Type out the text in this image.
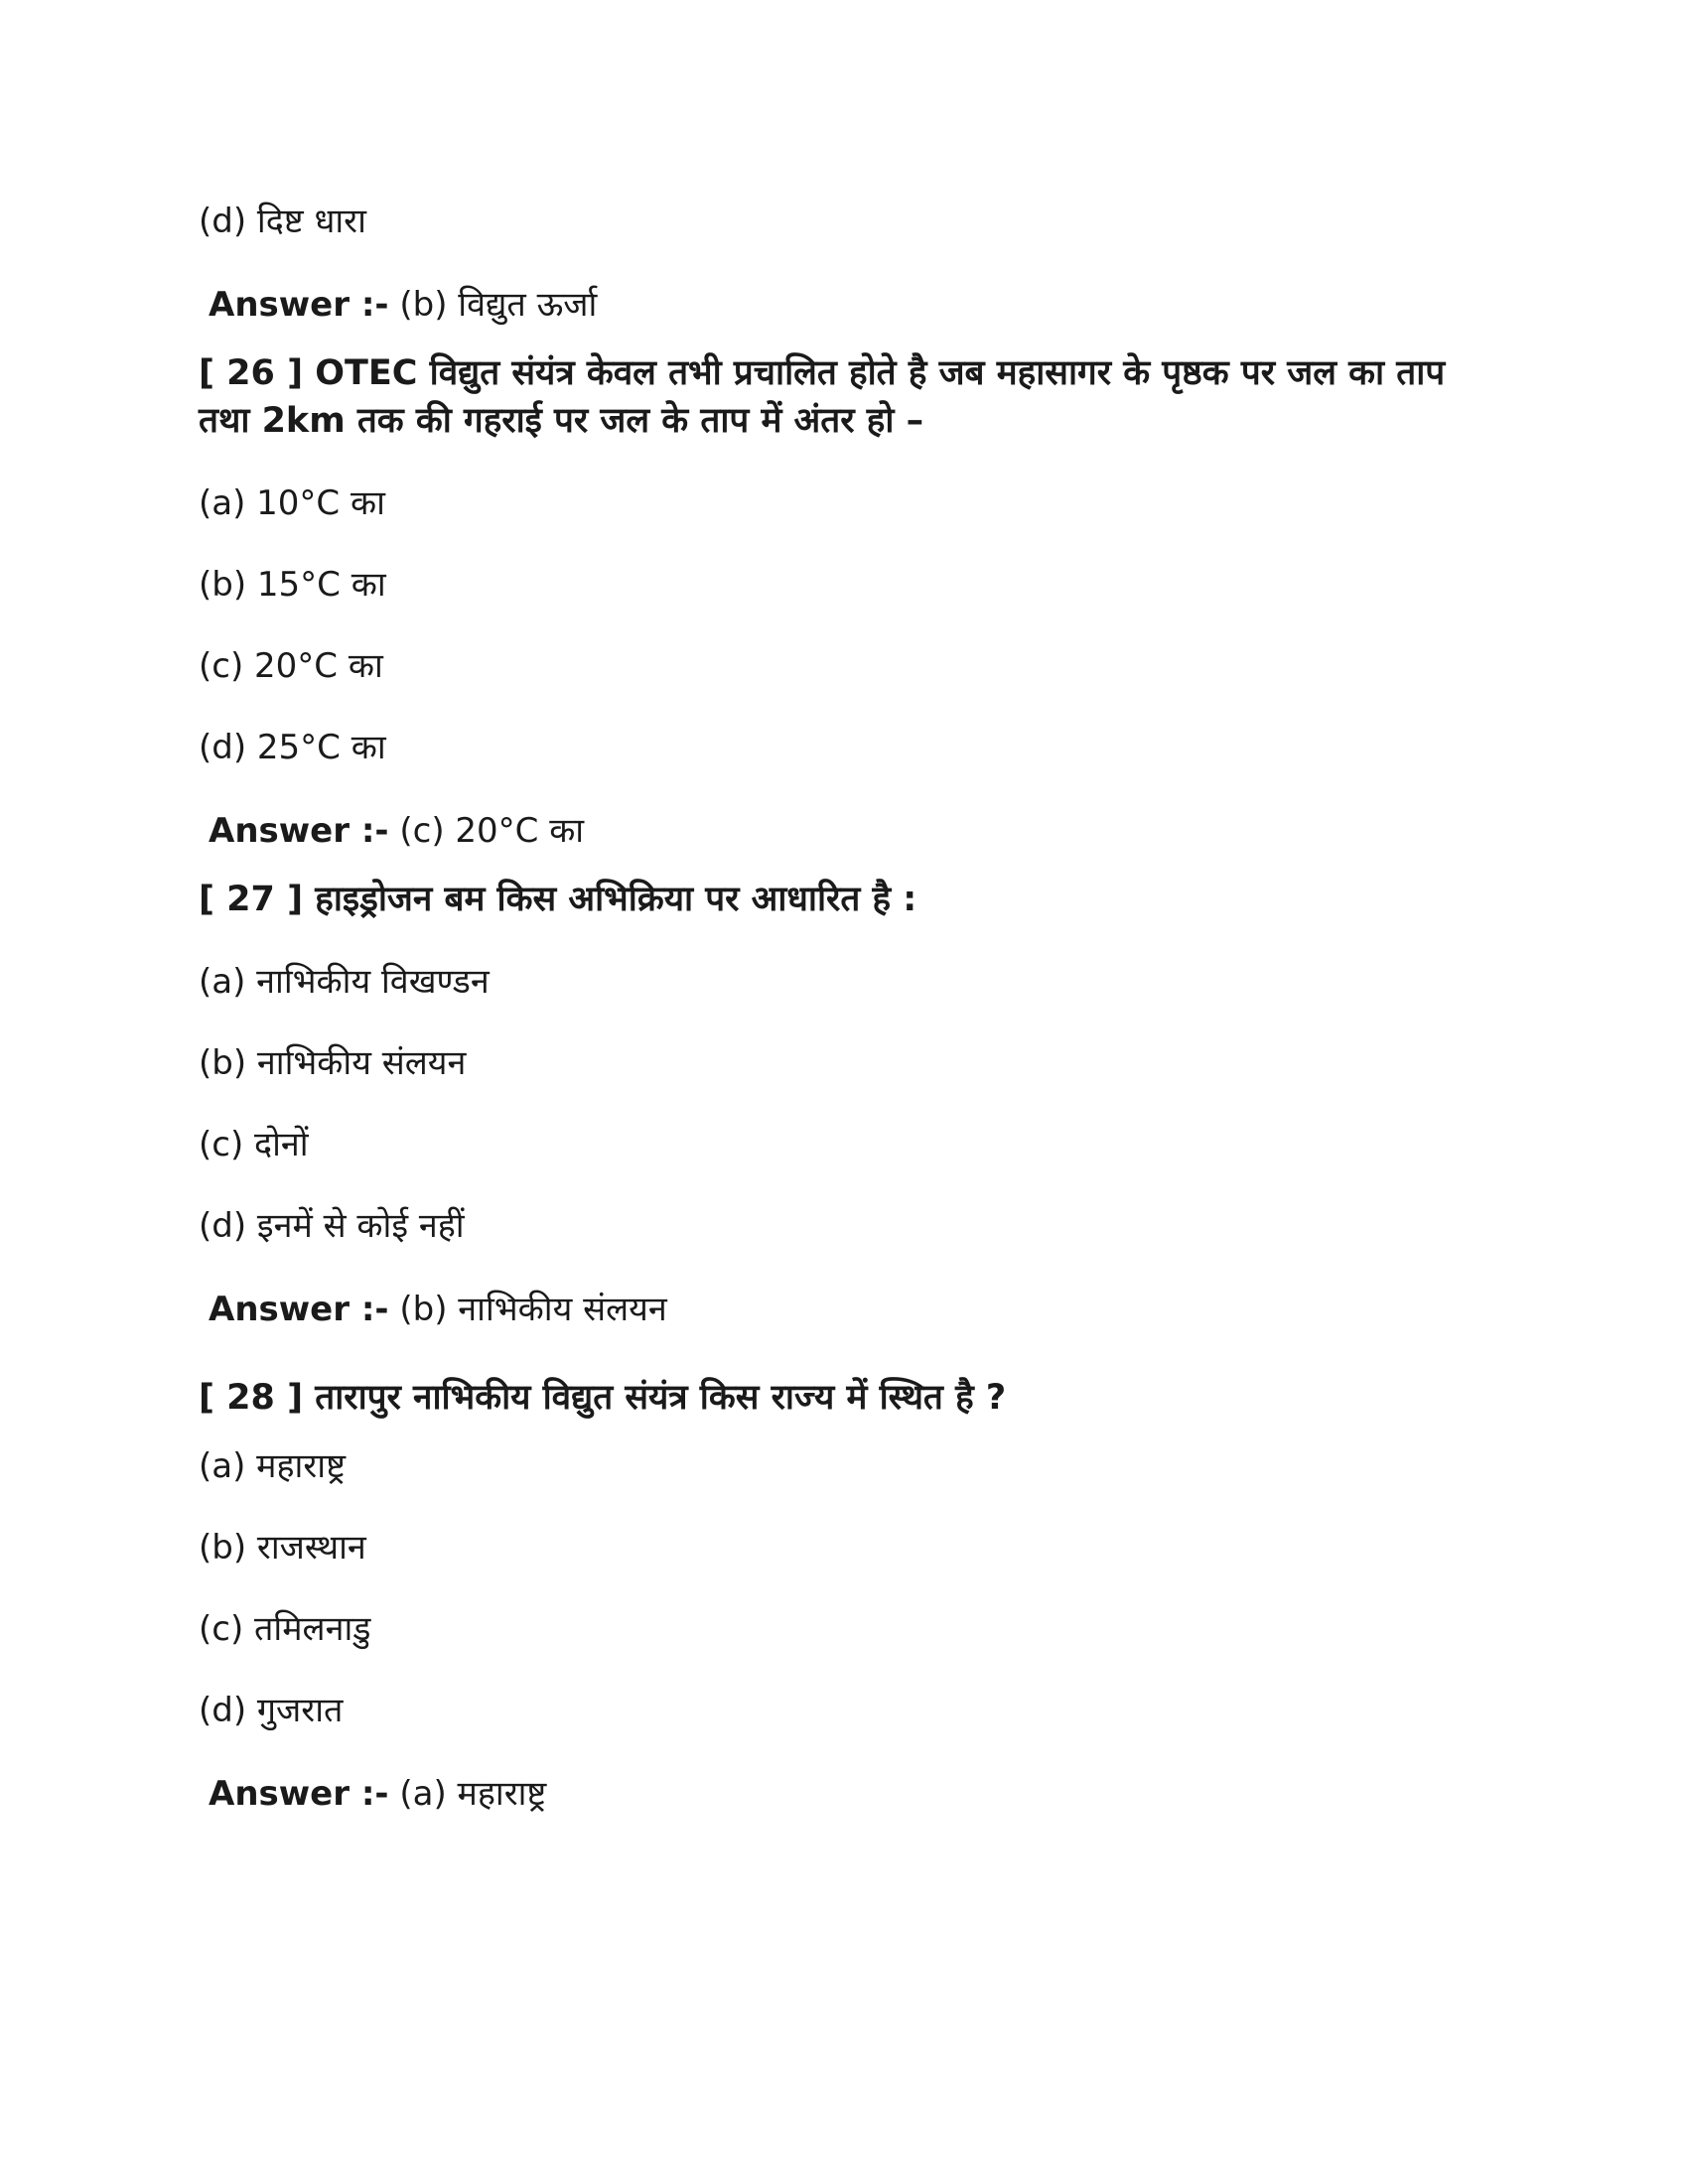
(d) दिष्ट धारा
Answer :- (b) विद्युत ऊर्जा
[ 26 ] OTEC विद्युत संयंत्र केवल तभी प्रचालित होते है जब महासागर के पृष्ठक पर जल का ताप तथा 2km तक की गहराई पर जल के ताप में अंतर हो –
(a) 10°C का
(b) 15°C का
(c) 20°C का
(d) 25°C का
Answer :- (c) 20°C का
[ 27 ] हाइड्रोजन बम किस अभिक्रिया पर आधारित है :
(a) नाभिकीय विखण्डन
(b) नाभिकीय संलयन
(c) दोनों
(d) इनमें से कोई नहीं
Answer :- (b) नाभिकीय संलयन
[ 28 ] तारापुर नाभिकीय विद्युत संयंत्र किस राज्य में स्थित है ?
(a) महाराष्ट्र
(b) राजस्थान
(c) तमिलनाडु
(d) गुजरात
Answer :- (a) महाराष्ट्र
